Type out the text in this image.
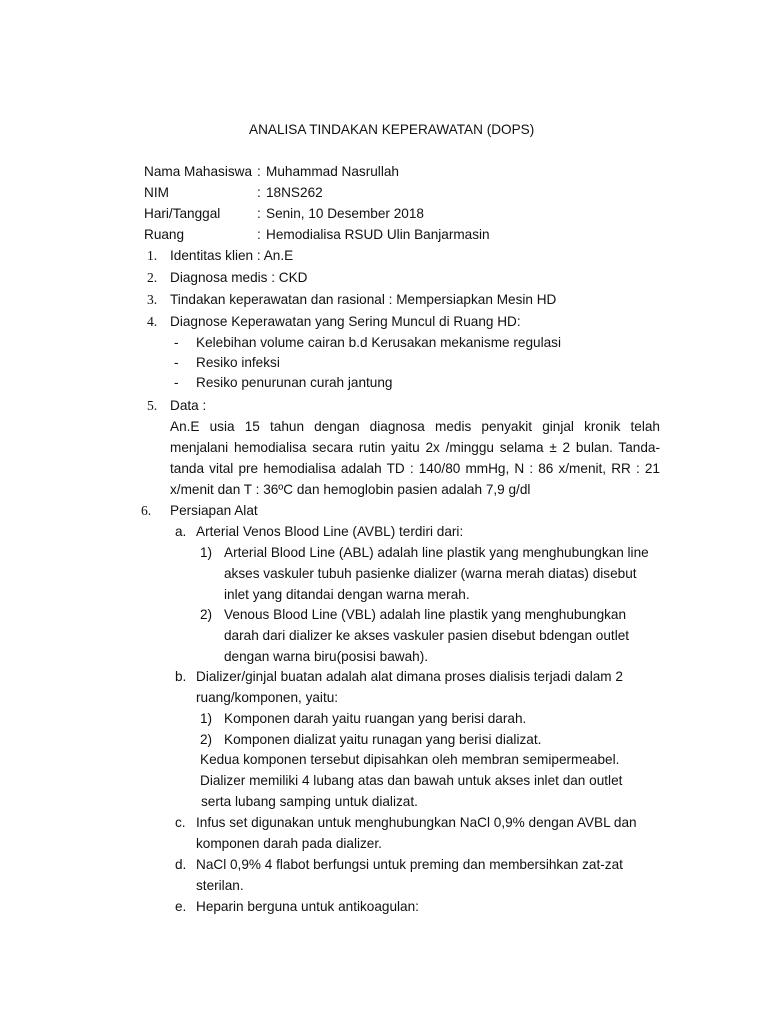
ANALISA TINDAKAN KEPERAWATAN (DOPS)
Nama Mahasiswa : Muhammad Nasrullah
NIM	: 18NS262
Hari/Tanggal	: Senin, 10 Desember 2018
Ruang	: Hemodialisa RSUD Ulin Banjarmasin
1. Identitas klien : An.E
2. Diagnosa medis : CKD
3. Tindakan keperawatan dan rasional : Mempersiapkan Mesin HD
4. Diagnose Keperawatan yang Sering Muncul di Ruang HD:
- Kelebihan volume cairan b.d Kerusakan mekanisme regulasi
- Resiko infeksi
- Resiko penurunan curah jantung
5. Data :
An.E usia 15 tahun dengan diagnosa medis penyakit ginjal kronik telah
menjalani hemodialisa secara rutin yaitu 2x /minggu selama ± 2 bulan. Tanda-
tanda vital pre hemodialisa adalah TD : 140/80 mmHg, N : 86 x/menit, RR : 21
x/menit dan T : 36ºC dan hemoglobin pasien adalah 7,9 g/dl
6. Persiapan Alat
a. Arterial Venos Blood Line (AVBL) terdiri dari:
1) Arterial Blood Line (ABL) adalah line plastik yang menghubungkan line
akses vaskuler tubuh pasienke dializer (warna merah diatas) disebut
inlet yang ditandai dengan warna merah.
2) Venous Blood Line (VBL) adalah line plastik yang menghubungkan
darah dari dializer ke akses vaskuler pasien disebut bdengan outlet
dengan warna biru(posisi bawah).
b. Dializer/ginjal buatan adalah alat dimana proses dialisis terjadi dalam 2
ruang/komponen, yaitu:
1) Komponen darah yaitu ruangan yang berisi darah.
2) Komponen dializat yaitu runagan yang berisi dializat.
Kedua komponen tersebut dipisahkan oleh membran semipermeabel.
Dializer memiliki 4 lubang atas dan bawah untuk akses inlet dan outlet
serta lubang samping untuk dializat.
c. Infus set digunakan untuk menghubungkan NaCl 0,9% dengan AVBL dan
komponen darah pada dializer.
d. NaCl 0,9% 4 flabot berfungsi untuk preming dan membersihkan zat-zat
sterilan.
e. Heparin berguna untuk antikoagulan:
